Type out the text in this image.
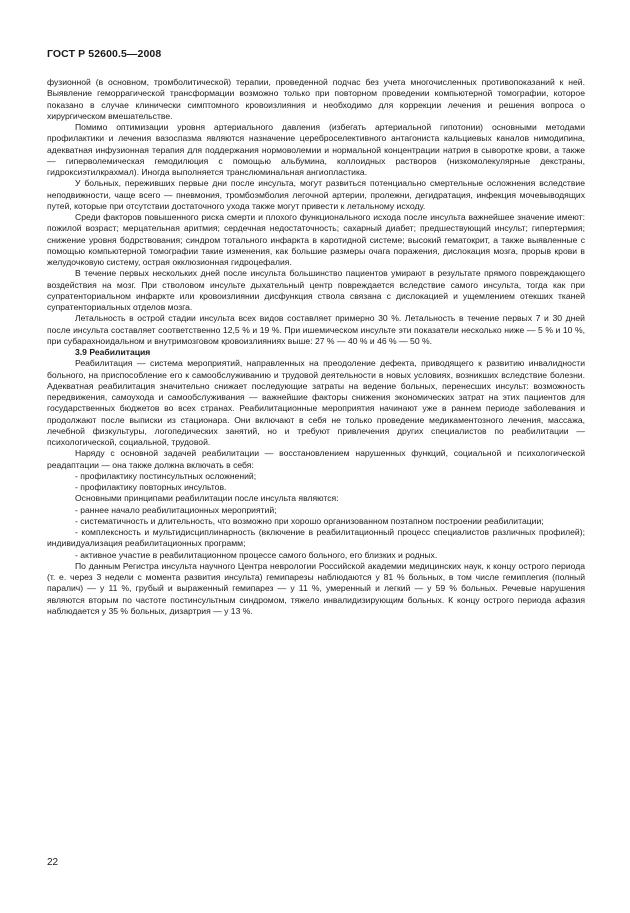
ГОСТ Р 52600.5—2008

фузионной (в основном, тромболитической) терапии, проведенной подчас без учета многочисленных противопоказаний к ней. Выявление геморрагической трансформации возможно только при повторном проведении компьютерной томографии, которое показано в случае клинически симптомного кровоизлияния и необходимо для коррекции лечения и решения вопроса о хирургическом вмешательстве.

Помимо оптимизации уровня артериального давления (избегать артериальной гипотонии) основными методами профилактики и лечения вазоспазма являются назначение цереброселективного антагониста кальциевых каналов нимодипина, адекватная инфузионная терапия для поддержания нормоволемии и нормальной концентрации натрия в сыворотке крови, а также — гиперволемическая гемодилюция с помощью альбумина, коллоидных растворов (низкомолекулярные декстраны, гидроксиэтилкрахмал). Иногда выполняется транслюминальная ангиопластика.

У больных, переживших первые дни после инсульта, могут развиться потенциально смертельные осложнения вследствие неподвижности, чаще всего — пневмония, тромбоэмболия легочной артерии, пролежни, дегидратация, инфекция мочевыводящих путей, которые при отсутствии достаточного ухода также могут привести к летальному исходу.

Среди факторов повышенного риска смерти и плохого функционального исхода после инсульта важнейшее значение имеют: пожилой возраст; мерцательная аритмия; сердечная недостаточность; сахарный диабет; предшествующий инсульт; гипертермия; снижение уровня бодрствования; синдром тотального инфаркта в каротидной системе; высокий гематокрит, а также выявленные с помощью компьютерной томографии такие изменения, как большие размеры очага поражения, дислокация мозга, прорыв крови в желудочковую систему, острая окклюзионная гидроцефалия.

В течение первых нескольких дней после инсульта большинство пациентов умирают в результате прямого повреждающего воздействия на мозг. При стволовом инсульте дыхательный центр повреждается вследствие самого инсульта, тогда как при супратенториальном инфаркте или кровоизлиянии дисфункция ствола связана с дислокацией и ущемлением отекших тканей супратенториальных отделов мозга.

Летальность в острой стадии инсульта всех видов составляет примерно 30 %. Летальность в течение первых 7 и 30 дней после инсульта составляет соответственно 12,5 % и 19 %. При ишемическом инсульте эти показатели несколько ниже — 5 % и 10 %, при субарахноидальном и внутримозговом кровоизлияниях выше: 27 % — 40 % и 46 % — 50 %.

3.9 Реабилитация

Реабилитация — система мероприятий, направленных на преодоление дефекта, приводящего к развитию инвалидности больного, на приспособление его к самообслуживанию и трудовой деятельности в новых условиях, возникших вследствие болезни. Адекватная реабилитация значительно снижает последующие затраты на ведение больных, перенесших инсульт: возможность передвижения, самоухода и самообслуживания — важнейшие факторы снижения экономических затрат на этих пациентов для государственных бюджетов во всех странах. Реабилитационные мероприятия начинают уже в раннем периоде заболевания и продолжают после выписки из стационара. Они включают в себя не только проведение медикаментозного лечения, массажа, лечебной физкультуры, логопедических занятий, но и требуют привлечения других специалистов по реабилитации — психологической, социальной, трудовой.

Наряду с основной задачей реабилитации — восстановлением нарушенных функций, социальной и психологической реадаптации — она также должна включать в себя:

- профилактику постинсультных осложнений;

- профилактику повторных инсультов.

Основными принципами реабилитации после инсульта являются:

- раннее начало реабилитационных мероприятий;

- систематичность и длительность, что возможно при хорошо организованном поэтапном построении реабилитации;

- комплексность и мультидисциплинарность (включение в реабилитационный процесс специалистов различных профилей); индивидуализация реабилитационных программ;

- активное участие в реабилитационном процессе самого больного, его близких и родных.

По данным Регистра инсульта научного Центра неврологии Российской академии медицинских наук, к концу острого периода (т. е. через 3 недели с момента развития инсульта) гемипарезы наблюдаются у 81 % больных, в том числе гемиплегия (полный паралич) — у 11 %, грубый и выраженный гемипарез — у 11 %, умеренный и легкий — у 59 % больных. Речевые нарушения являются вторым по частоте постинсультным синдромом, тяжело инвалидизирующим больных. К концу острого периода афазия наблюдается у 35 % больных, дизартрия — у 13 %.

22
